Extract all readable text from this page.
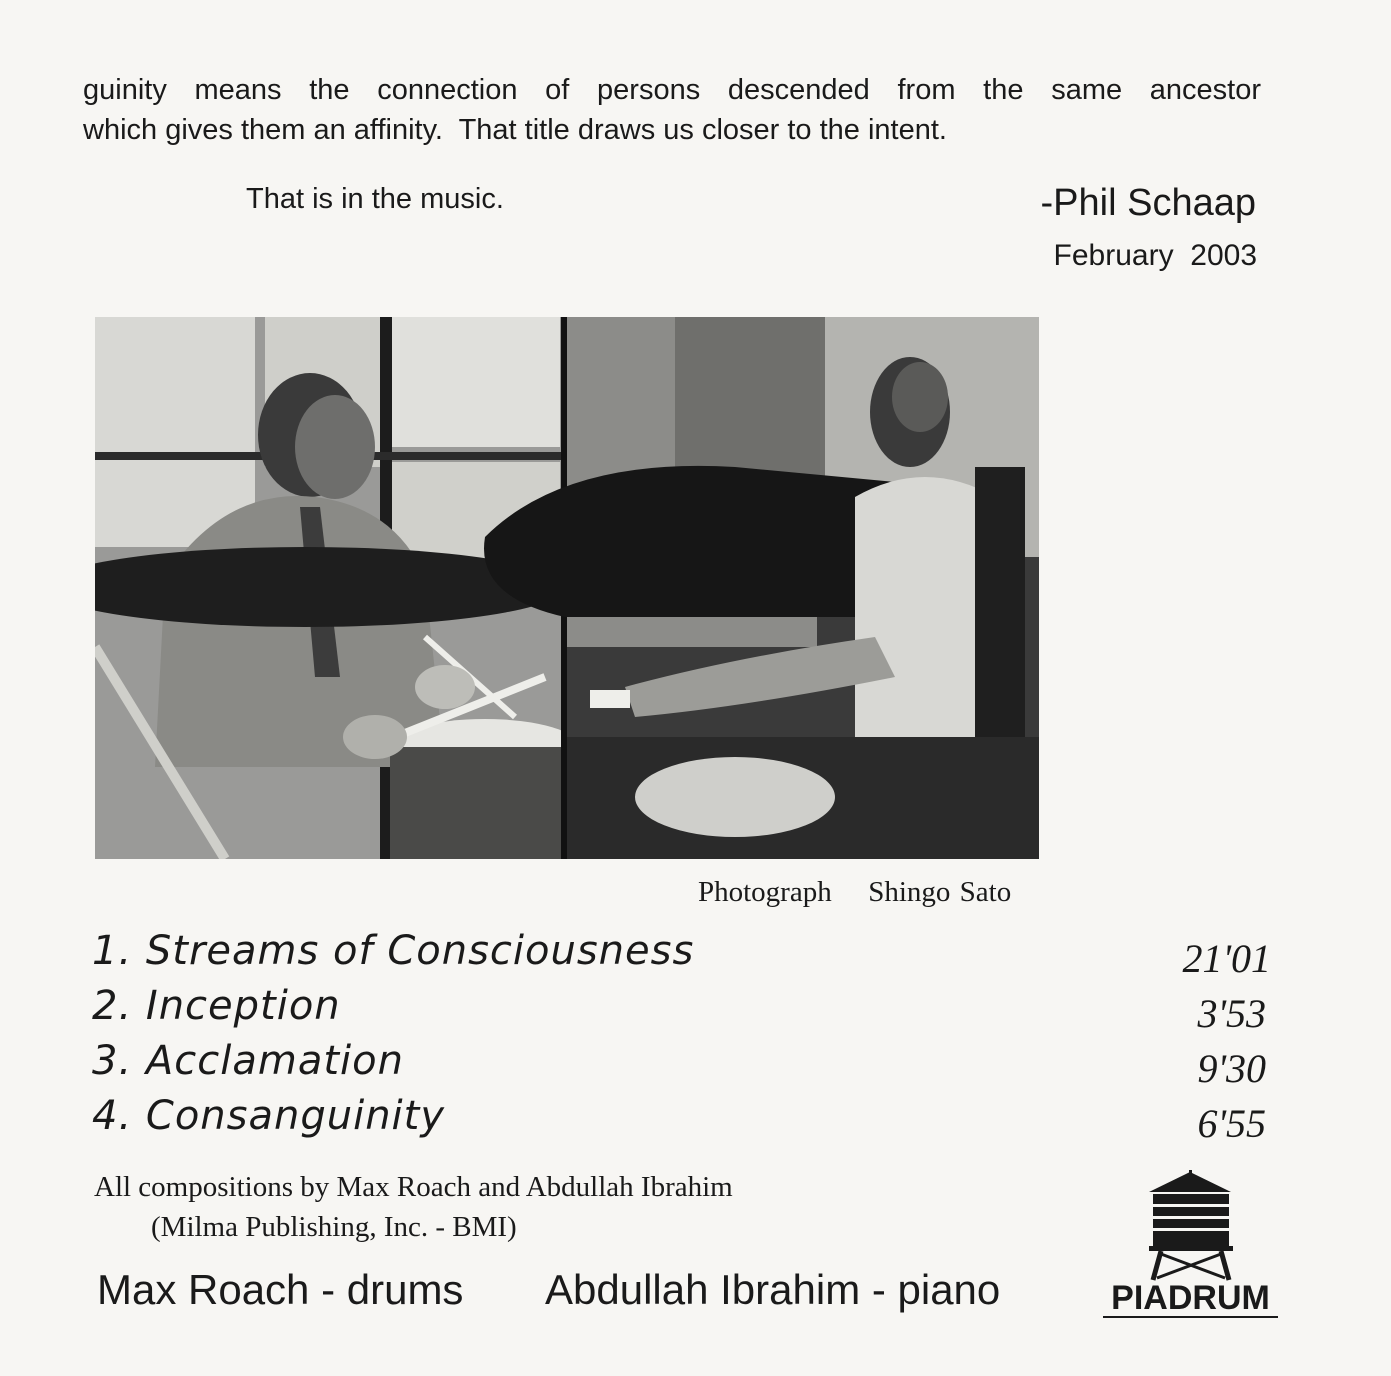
guinity means the connection of persons descended from the same ancestor
which gives them an affinity.  That title draws us closer to the intent.
That is in the music.	-Phil Schaap
February  2003
Photograph Shingo Sato
1. Streams of Consciousness	21'01
2. Inception	3'53
3. Acclamation	9'30
4. Consanguinity	6'55
All compositions by Max Roach and Abdullah Ibrahim
(Milma Publishing, Inc. - BMI)
Max Roach - drums Abdullah Ibrahim - piano	PIADRUM
